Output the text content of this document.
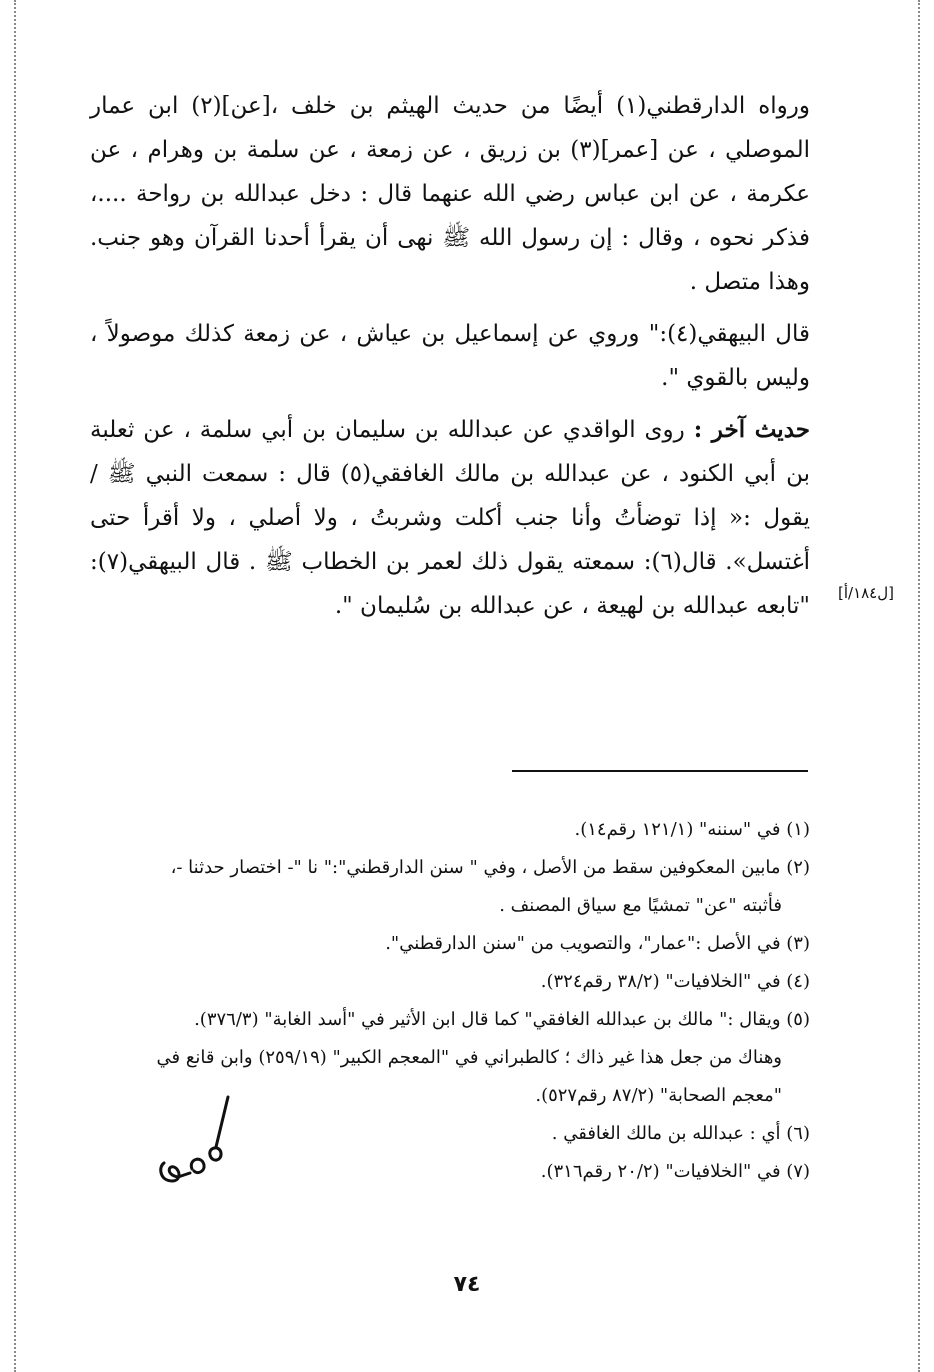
ورواه الدارقطني(١) أيضًا من حديث الهيثم بن خلف ،[عن](٢) ابن عمار الموصلي ، عن [عمر](٣) بن زريق ، عن زمعة ، عن سلمة بن وهرام ، عن عكرمة ، عن ابن عباس رضي الله عنهما قال : دخل عبدالله بن رواحة ....، فذكر نحوه ، وقال : إن رسول الله ﷺ نهى أن يقرأ أحدنا القرآن وهو جنب. وهذا متصل .

قال البيهقي(٤):" وروي عن إسماعيل بن عياش ، عن زمعة كذلك موصولاً ، وليس بالقوي ".

حديث آخر : روى الواقدي عن عبدالله بن سليمان بن أبي سلمة ، عن ثعلبة بن أبي الكنود ، عن عبدالله بن مالك الغافقي(٥) قال : سمعت النبي ﷺ /يقول :« إذا توضأتُ وأنا جنب أكلت وشربتُ ، ولا أصلي ، ولا أقرأ حتى أغتسل». قال(٦): سمعته يقول ذلك لعمر بن الخطاب ﷺ . قال البيهقي(٧): "تابعه عبدالله بن لهيعة ، عن عبدالله بن سُليمان ".	[ل١٨٤/أ]

(١) في "سننه" (١٢١/١ رقم١٤).

(٢) مابين المعكوفين سقط من الأصل ، وفي " سنن الدارقطني":" نا "- اختصار حدثنا -،

فأثبته "عن" تمشيًا مع سياق المصنف .

(٣) في الأصل :"عمار"، والتصويب من "سنن الدارقطني".

(٤) في "الخلافيات" (٣٨/٢ رقم٣٢٤).

(٥) ويقال :" مالك بن عبدالله الغافقي" كما قال ابن الأثير في "أسد الغابة" (٣٧٦/٣).

وهناك من جعل هذا غير ذاك ؛ كالطبراني في "المعجم الكبير" (٢٥٩/١٩) وابن قانع في

"معجم الصحابة" (٨٧/٢ رقم٥٢٧).

(٦) أي : عبدالله بن مالك الغافقي .

(٧) في "الخلافيات" (٢٠/٢ رقم٣١٦).

٧٤
